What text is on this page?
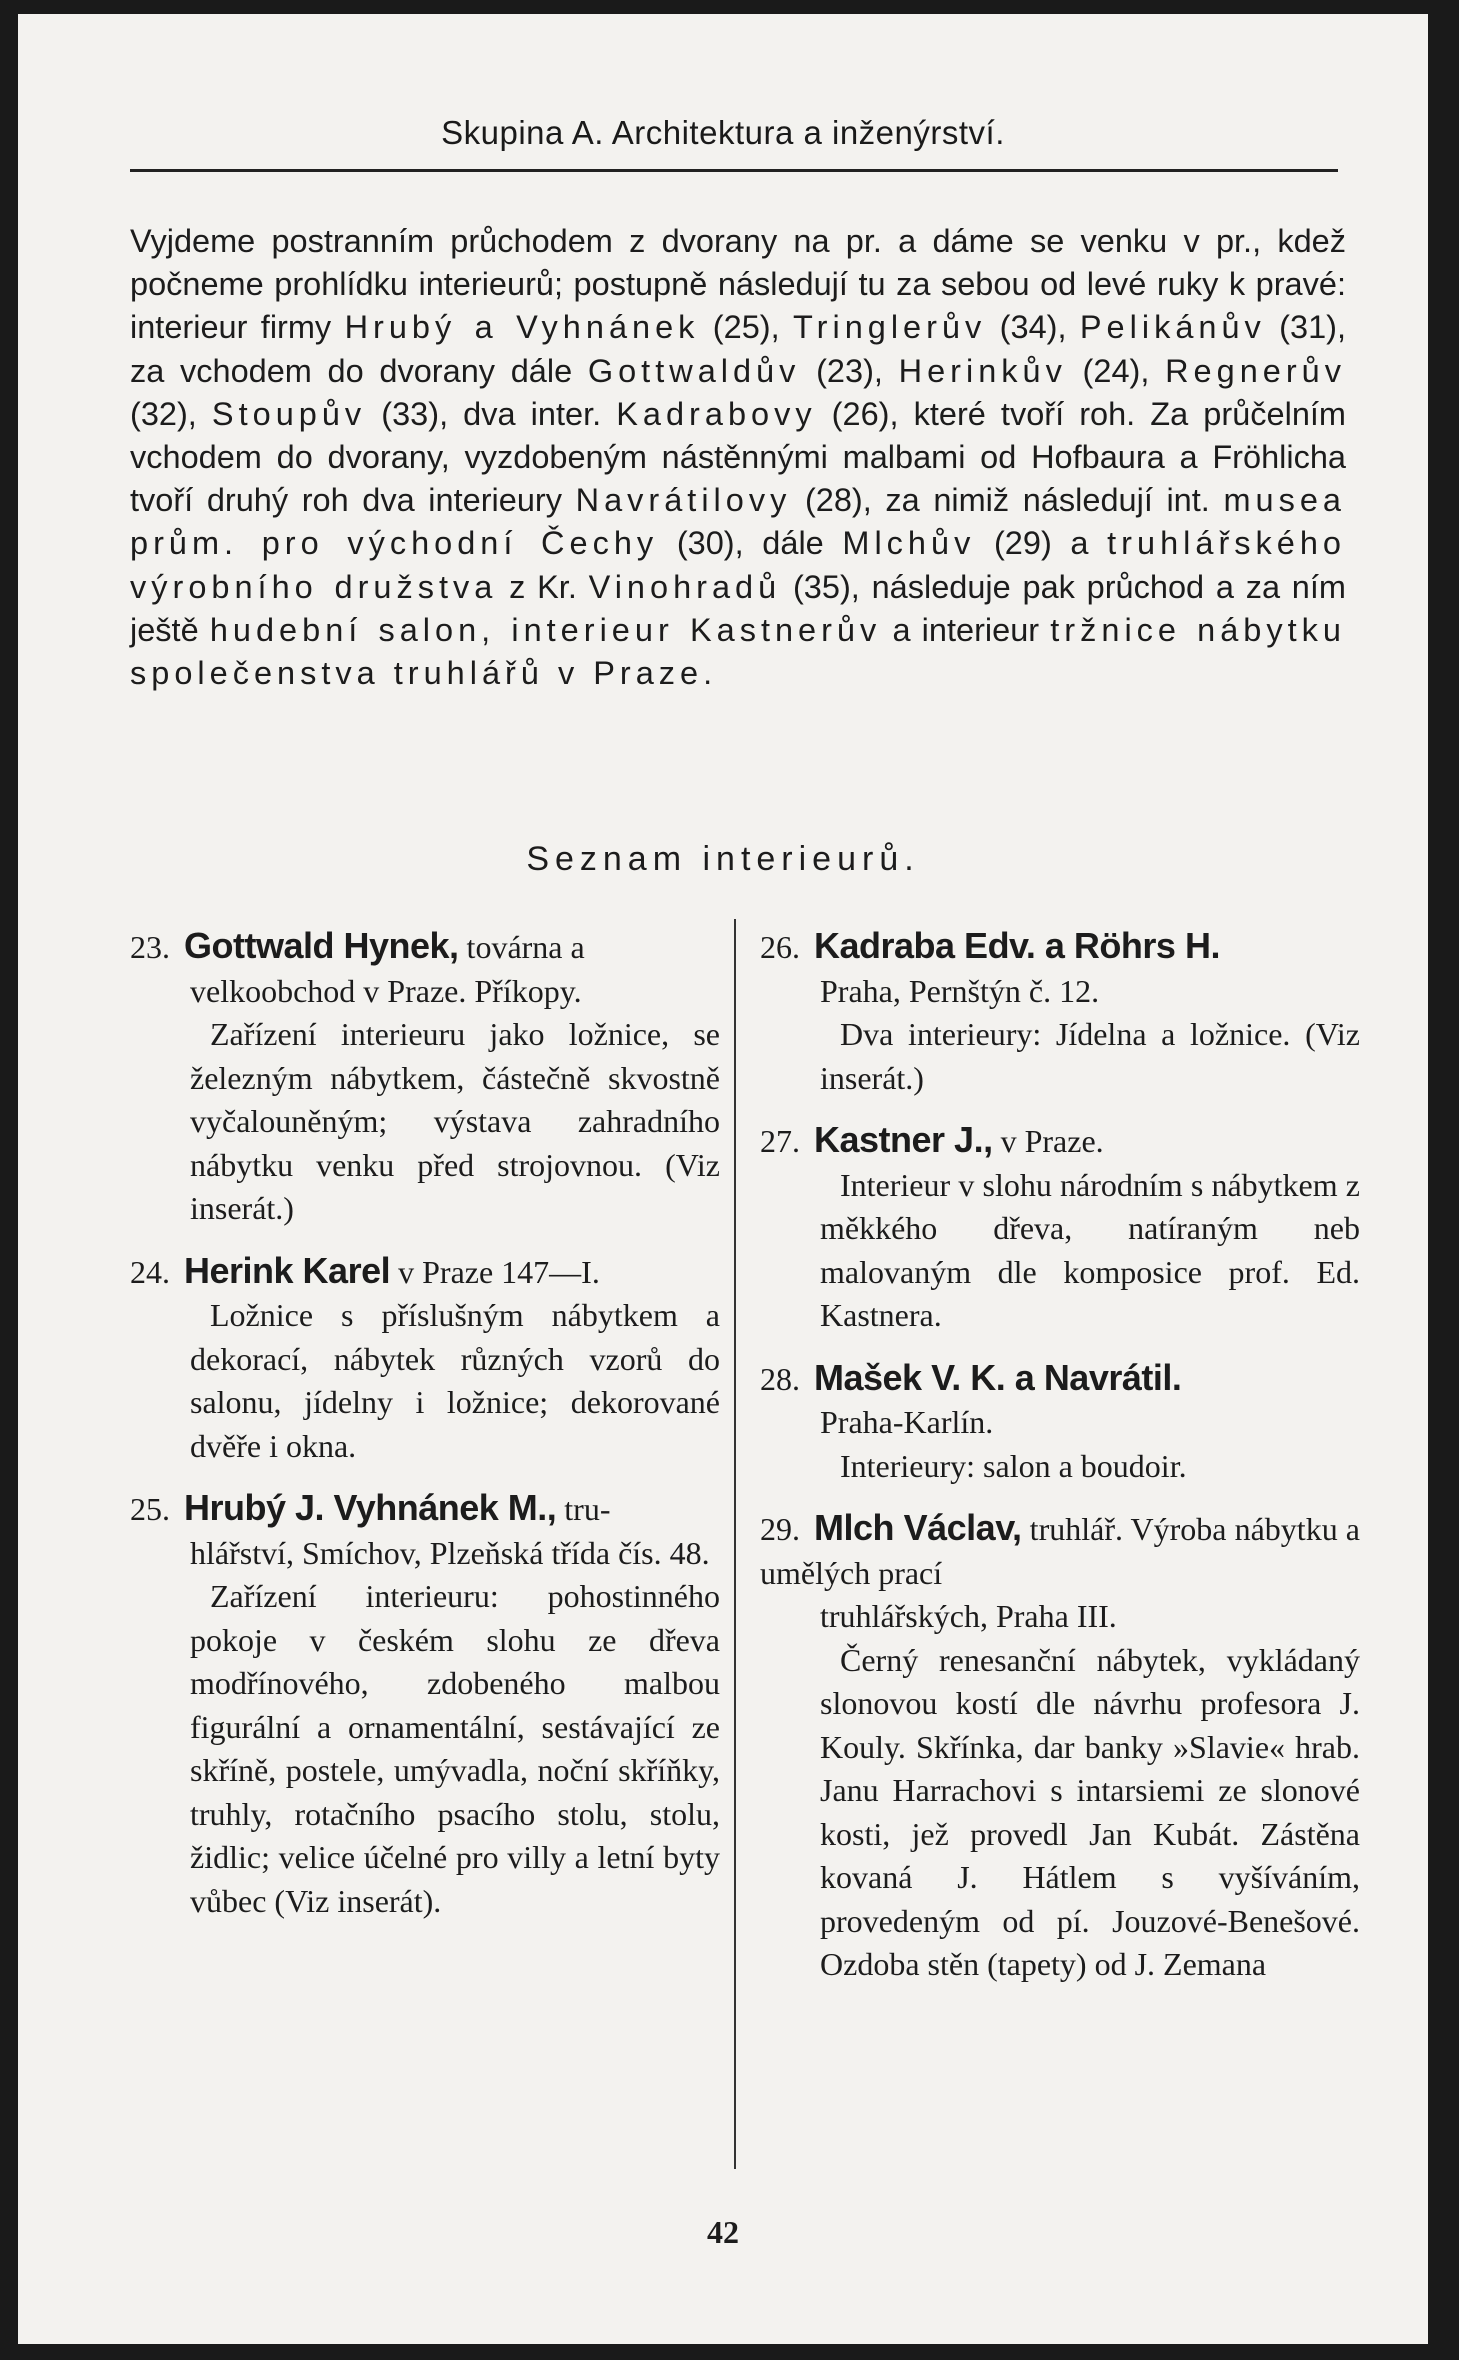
Skupina A. Architektura a inženýrství.
Vyjdeme postranním průchodem z dvorany na pr. a dáme se venku v pr., kdež počneme prohlídku interieurů; postupně následují tu za sebou od levé ruky k pravé: interieur firmy Hrubý a Vyhnánek (25), Tringlerův (34), Pelikánův (31), za vchodem do dvorany dále Gottwaldův (23), Herinkův (24), Regnerův (32), Stoupův (33), dva inter. Kadrabovy (26), které tvoří roh. Za průčelním vchodem do dvorany, vyzdobeným nástěnnými malbami od Hofbaura a Fröhlicha tvoří druhý roh dva interieury Navrátilovy (28), za nimiž následují int. musea prům. pro východní Čechy (30), dále Mlchův (29) a truhlářského výrobního družstva z Kr. Vinohradů (35), následuje pak průchod a za ním ještě hudební salon, interieur Kastnerův a interieur tržnice nábytku společenstva truhlářů v Praze.
Seznam interieurů.
23. Gottwald Hynek, továrna a
velkoobchod v Praze. Příkopy.
Zařízení interieuru jako ložnice, se železným nábytkem, částečně skvostně vyčalouněným; výstava zahradního nábytku venku před strojovnou. (Viz inserát.)
24. Herink Karel v Praze 147—I.
Ložnice s příslušným nábytkem a dekorací, nábytek různých vzorů do salonu, jídelny i ložnice; dekorované dvěře i okna.
25. Hrubý J. Vyhnánek M., tru-
hlářství, Smíchov, Plzeňská třída čís. 48.
Zařízení interieuru: pohostinného pokoje v českém slohu ze dřeva modřínového, zdobeného malbou figurální a ornamentální, sestávající ze skříně, postele, umývadla, noční skříňky, truhly, rotačního psacího stolu, stolu, židlic; velice účelné pro villy a letní byty vůbec (Viz inserát).
26. Kadraba Edv. a Röhrs H.
Praha, Pernštýn č. 12.
Dva interieury: Jídelna a ložnice. (Viz inserát.)
27. Kastner J., v Praze.
Interieur v slohu národním s nábytkem z měkkého dřeva, natíraným neb malovaným dle komposice prof. Ed. Kastnera.
28. Mašek V. K. a Navrátil.
Praha-Karlín.
Interieury: salon a boudoir.
29. Mlch Václav, truhlář. Výroba nábytku a umělých prací
truhlářských, Praha III.
Černý renesanční nábytek, vykládaný slonovou kostí dle návrhu profesora J. Kouly. Skřínka, dar banky »Slavie« hrab. Janu Harrachovi s intarsiemi ze slonové kosti, jež provedl Jan Kubát. Zástěna kovaná J. Hátlem s vyšíváním, provedeným od pí. Jouzové-Benešové. Ozdoba stěn (tapety) od J. Zemana
42
